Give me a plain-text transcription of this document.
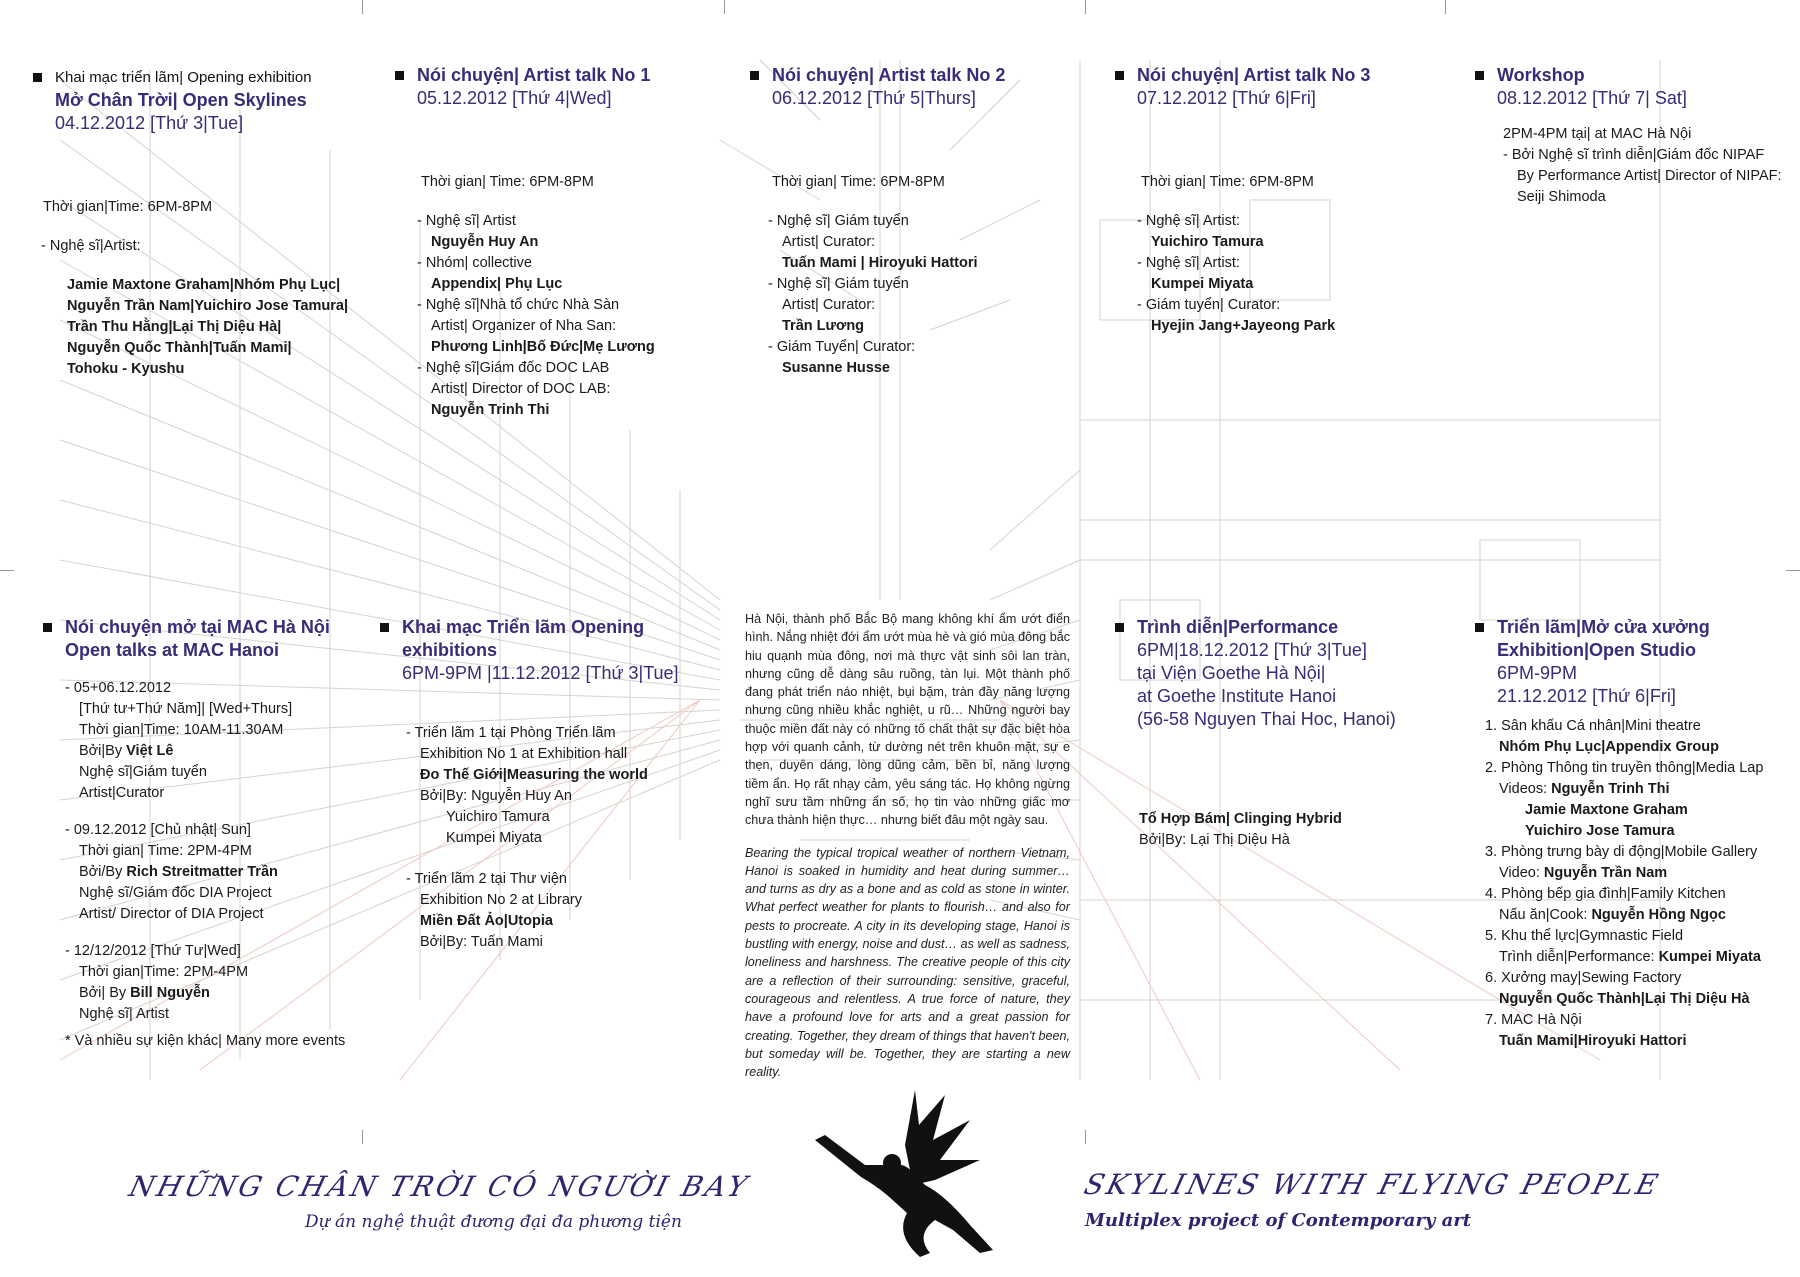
Khai mạc triển lãm| Opening exhibition
Mở Chân Trời| Open Skylines
04.12.2012 [Thứ 3|Tue]
Thời gian|Time: 6PM-8PM
- Nghệ sĩ|Artist:
Jamie Maxtone Graham|Nhóm Phụ Lục|
Nguyễn Trần Nam|Yuichiro Jose Tamura|
Trần Thu Hằng|Lại Thị Diệu Hà|
Nguyễn Quốc Thành|Tuấn Mami|
Tohoku - Kyushu
Nói chuyện| Artist talk No 1
05.12.2012 [Thứ 4|Wed]
Thời gian| Time: 6PM-8PM
- Nghệ sĩ| Artist
Nguyễn Huy An
- Nhóm| collective
Appendix| Phụ Lục
- Nghệ sĩ|Nhà tổ chức Nhà Sàn
Artist| Organizer of Nha San:
Phương Linh|Bố Đức|Mẹ Lương
- Nghệ sĩ|Giám đốc DOC LAB
Artist| Director of DOC LAB:
Nguyễn Trinh Thi
Nói chuyện| Artist talk No 2
06.12.2012 [Thứ 5|Thurs]
Thời gian| Time: 6PM-8PM
- Nghệ sĩ| Giám tuyển
Artist| Curator:
Tuấn Mami | Hiroyuki Hattori
- Nghệ sĩ| Giám tuyển
Artist| Curator:
Trần Lương
- Giám Tuyển| Curator:
Susanne Husse
Nói chuyện| Artist talk No 3
07.12.2012 [Thứ 6|Fri]
Thời gian| Time: 6PM-8PM
- Nghệ sĩ| Artist:
Yuichiro Tamura
- Nghệ sĩ| Artist:
Kumpei Miyata
- Giám tuyển| Curator:
Hyejin Jang+Jayeong Park
Workshop
08.12.2012 [Thứ 7| Sat]
2PM-4PM tại| at MAC Hà Nội
- Bởi Nghệ sĩ trình diễn|Giám đốc NIPAF
By Performance Artist| Director of NIPAF:
Seiji Shimoda
Nói chuyện mở tại MAC Hà Nội Open talks at MAC Hanoi
- 05+06.12.2012
[Thứ tư+Thứ Năm]| [Wed+Thurs]
Thời gian|Time: 10AM-11.30AM
Bởi|By Việt Lê
Nghệ sĩ|Giám tuyển
Artist|Curator
- 09.12.2012 [Chủ nhật| Sun]
Thời gian| Time: 2PM-4PM
Bởi/By Rich Streitmatter Trần
Nghệ sĩ/Giám đốc DIA Project
Artist/ Director of DIA Project
- 12/12/2012 [Thứ Tư|Wed]
Thời gian|Time: 2PM-4PM
Bởi| By Bill Nguyễn
Nghệ sĩ| Artist
* Và nhiều sự kiện khác| Many more events
Khai mạc Triển lãm Opening exhibitions
6PM-9PM |11.12.2012 [Thứ 3|Tue]
- Triển lãm 1 tại Phòng Triển lãm
Exhibition No 1 at Exhibition hall
Đo Thế Giới|Measuring the world
Bởi|By: Nguyễn Huy An
Yuichiro Tamura
Kumpei Miyata
- Triển lãm 2 tại Thư viện
Exhibition No 2 at Library
Miền Đất Ảo|Utopia
Bởi|By: Tuấn Mami

Hà Nội, thành phố Bắc Bộ mang không khí ẩm ướt điển hình. Nắng nhiệt đới ẩm ướt mùa hè và gió mùa đông bắc hiu quạnh mùa đông, nơi mà thực vật sinh sôi lan tràn, nhưng cũng dễ dàng sâu ruồng, tàn lụi. Một thành phố đang phát triển náo nhiệt, bụi bặm, tràn đầy năng lượng nhưng cũng nhiều khắc nghiệt, u rũ… Những người bay thuộc miền đất này có những tố chất thật sự đặc biệt hòa hợp với quanh cảnh, từ dường nét trên khuôn mặt, sự e thẹn, duyên dáng, lòng dũng cảm, bền bỉ, năng lượng tiềm ẩn. Họ rất nhạy cảm, yêu sáng tác. Họ không ngừng nghĩ sưu tầm những ẩn số, họ tin vào những giấc mơ chưa thành hiện thực… nhưng biết đâu một ngày sau.

Bearing the typical tropical weather of northern Vietnam, Hanoi is soaked in humidity and heat during summer… and turns as dry as a bone and as cold as stone in winter. What perfect weather for plants to flourish… and also for pests to procreate. A city in its developing stage, Hanoi is bustling with energy, noise and dust… as well as sadness, loneliness and harshness. The creative people of this city are a reflection of their surrounding: sensitive, graceful, courageous and relentless. A true force of nature, they have a profound love for arts and a great passion for creating. Together, they dream of things that haven't been, but someday will be. Together, they are starting a new reality.

Trình diễn|Performance
6PM|18.12.2012 [Thứ 3|Tue]
tại Viện Goethe Hà Nội|
at Goethe Institute Hanoi
(56-58 Nguyen Thai Hoc, Hanoi)
Tổ Hợp Bám| Clinging Hybrid
Bởi|By: Lại Thị Diệu Hà
Triển lãm|Mở cửa xưởng Exhibition|Open Studio
6PM-9PM
21.12.2012 [Thứ 6|Fri]
1. Sân khấu Cá nhân|Mini theatre
Nhóm Phụ Lục|Appendix Group
2. Phòng Thông tin truyền thông|Media Lap
Videos: Nguyễn Trinh Thi
Jamie Maxtone Graham
Yuichiro Jose Tamura
3. Phòng trưng bày di động|Mobile Gallery
Video: Nguyễn Trần Nam
4. Phòng bếp gia đình|Family Kitchen
Nấu ăn|Cook: Nguyễn Hồng Ngọc
5. Khu thể lực|Gymnastic Field
Trình diễn|Performance: Kumpei Miyata
6. Xưởng may|Sewing Factory
Nguyễn Quốc Thành|Lại Thị Diệu Hà
7. MAC Hà Nội
Tuấn Mami|Hiroyuki Hattori
NHỮNG CHÂN TRỜI CÓ NGƯỜI BAY
Dự án nghệ thuật đương đại đa phương tiện
SKYLINES WITH FLYING PEOPLE
Multiplex project of Contemporary art
